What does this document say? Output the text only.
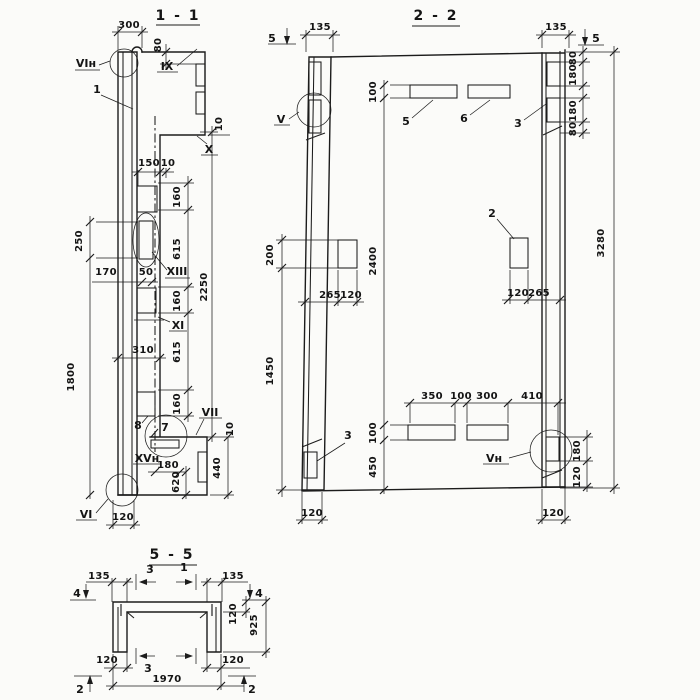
1 - 1
300
80
10
150 10
160
615
160
615
160
2250
250
170 50
310
1800
180
620
440
10
120
VIн	IX
1
X
XIII
XI
8 7
VII
XVн
VI
2 - 2
135	135
80
180
180
80
3280
200
1450
100
2400
100
450
265 120	120 265
350 100 300 410
180
120
120	120
V
Vн
2
3
3
5	6
5	5
5 - 5
135	135
120
925
120	120
1970
4	4
3 1
3
2	2
